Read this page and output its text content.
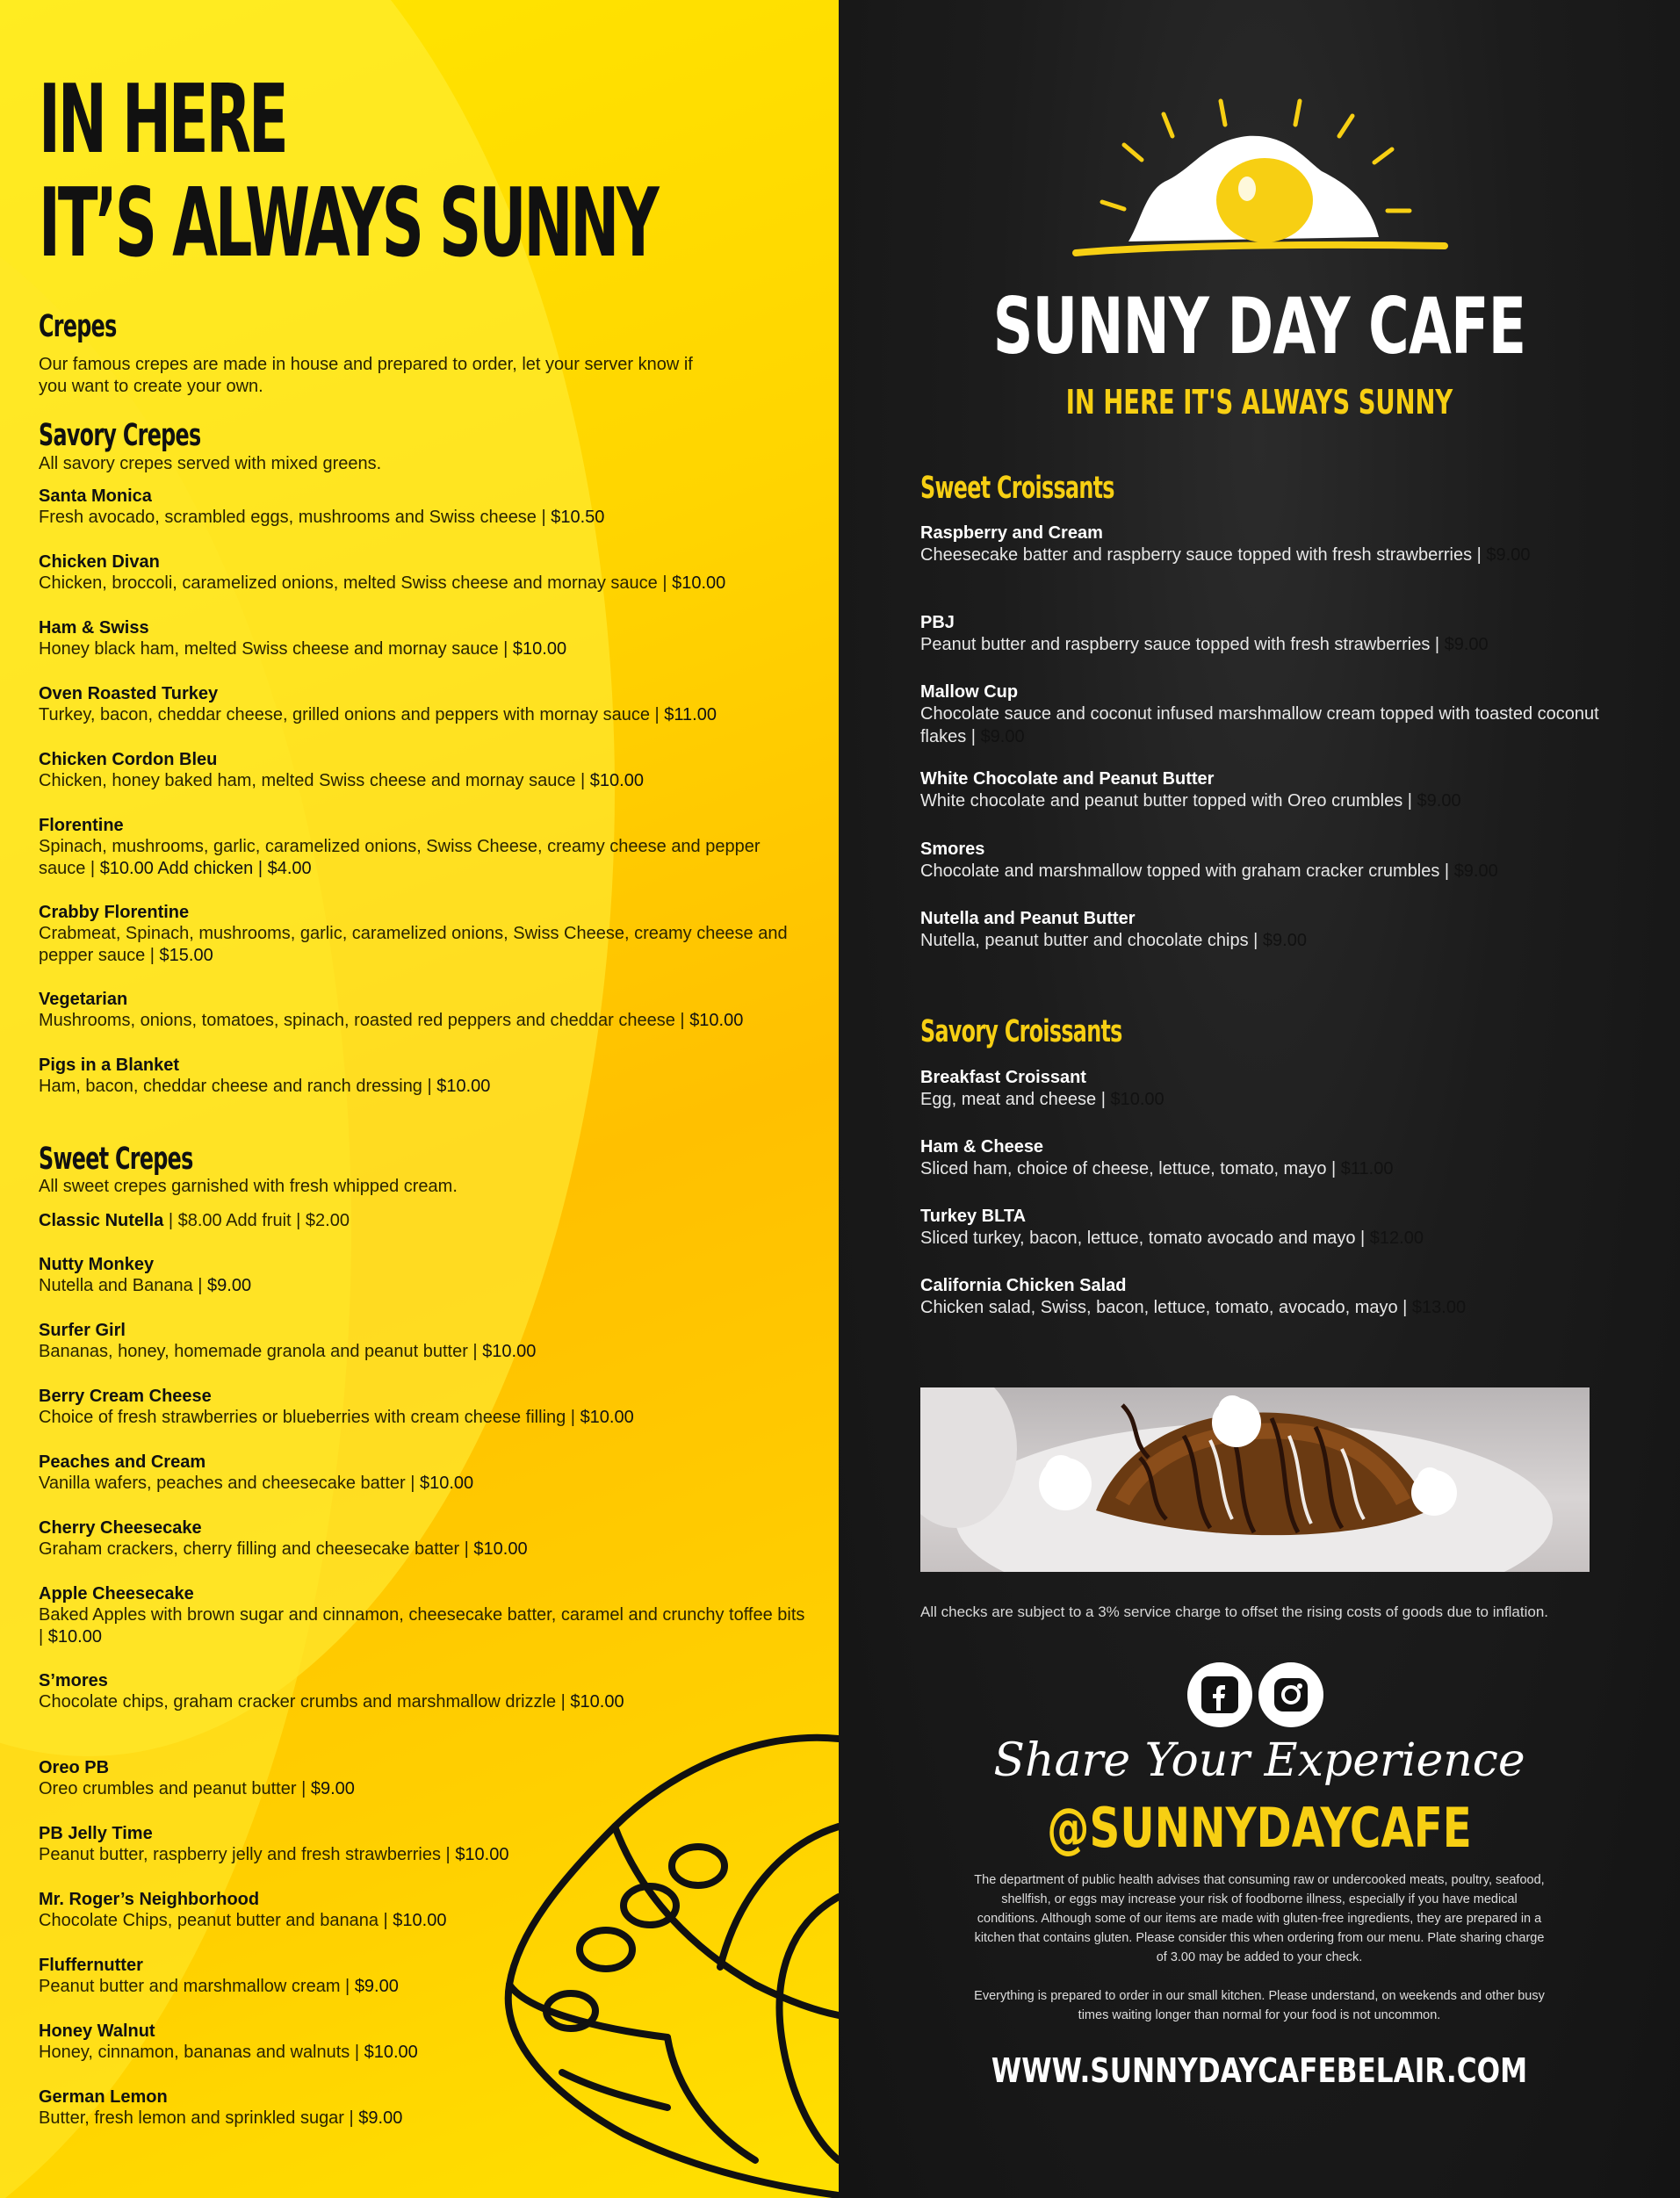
IN HERE
IT’S ALWAYS SUNNY
Crepes
Our famous crepes are made in house and prepared to order, let your server know if you want to create your own.
Savory Crepes
All savory crepes served with mixed greens.
Santa Monica
Fresh avocado, scrambled eggs, mushrooms and Swiss cheese | $10.50
Chicken Divan
Chicken, broccoli, caramelized onions, melted Swiss cheese and mornay sauce | $10.00
Ham & Swiss
Honey black ham, melted Swiss cheese and mornay sauce | $10.00
Oven Roasted Turkey
Turkey, bacon, cheddar cheese, grilled onions and peppers with mornay sauce | $11.00
Chicken Cordon Bleu
Chicken, honey baked ham, melted Swiss cheese and mornay sauce | $10.00
Florentine
Spinach, mushrooms, garlic, caramelized onions, Swiss Cheese, creamy cheese and pepper sauce | $10.00 Add chicken | $4.00
Crabby Florentine
Crabmeat, Spinach, mushrooms, garlic, caramelized onions, Swiss Cheese, creamy cheese and pepper sauce | $15.00
Vegetarian
Mushrooms, onions, tomatoes, spinach, roasted red peppers and cheddar cheese | $10.00
Pigs in a Blanket
Ham, bacon, cheddar cheese and ranch dressing | $10.00
Sweet Crepes
All sweet crepes garnished with fresh whipped cream.
Classic Nutella | $8.00 Add fruit | $2.00
Nutty Monkey
Nutella and Banana | $9.00
Surfer Girl
Bananas, honey, homemade granola and peanut butter | $10.00
Berry Cream Cheese
Choice of fresh strawberries or blueberries with cream cheese filling | $10.00
Peaches and Cream
Vanilla wafers, peaches and cheesecake batter | $10.00
Cherry Cheesecake
Graham crackers, cherry filling and cheesecake batter | $10.00
Apple Cheesecake
Baked Apples with brown sugar and cinnamon, cheesecake batter, caramel and crunchy toffee bits | $10.00
S’mores
Chocolate chips, graham cracker crumbs and marshmallow drizzle | $10.00
Oreo PB
Oreo crumbles and peanut butter | $9.00
PB Jelly Time
Peanut butter, raspberry jelly and fresh strawberries | $10.00
Mr. Roger’s Neighborhood
Chocolate Chips, peanut butter and banana | $10.00
Fluffernutter
Peanut butter and marshmallow cream | $9.00
Honey Walnut
Honey, cinnamon, bananas and walnuts | $10.00
German Lemon
Butter, fresh lemon and sprinkled sugar | $9.00
SUNNY DAY CAFE
IN HERE IT'S ALWAYS SUNNY
Sweet Croissants
Raspberry and Cream
Cheesecake batter and raspberry sauce topped with fresh strawberries | $9.00
PBJ
Peanut butter and raspberry sauce topped with fresh strawberries | $9.00
Mallow Cup
Chocolate sauce and coconut infused marshmallow cream topped with toasted coconut flakes | $9.00
White Chocolate and Peanut Butter
White chocolate and peanut butter topped with Oreo crumbles | $9.00
Smores
Chocolate and marshmallow topped with graham cracker crumbles | $9.00
Nutella and Peanut Butter
Nutella, peanut butter and chocolate chips | $9.00
Savory Croissants
Breakfast Croissant
Egg, meat and cheese | $10.00
Ham & Cheese
Sliced ham, choice of cheese, lettuce, tomato, mayo | $11.00
Turkey BLTA
Sliced turkey, bacon, lettuce, tomato avocado and mayo | $12.00
California Chicken Salad
Chicken salad, Swiss, bacon, lettuce, tomato, avocado, mayo | $13.00
All checks are subject to a 3% service charge to offset the rising costs of goods due to inflation.
Share Your Experience
@SUNNYDAYCAFE
The department of public health advises that consuming raw or undercooked meats, poultry, seafood, shellfish, or eggs may increase your risk of foodborne illness, especially if you have medical conditions. Although some of our items are made with gluten-free ingredients, they are prepared in a kitchen that contains gluten. Please consider this when ordering from our menu. Plate sharing charge of 3.00 may be added to your check.
Everything is prepared to order in our small kitchen. Please understand, on weekends and other busy times waiting longer than normal for your food is not uncommon.
WWW.SUNNYDAYCAFEBELAIR.COM
